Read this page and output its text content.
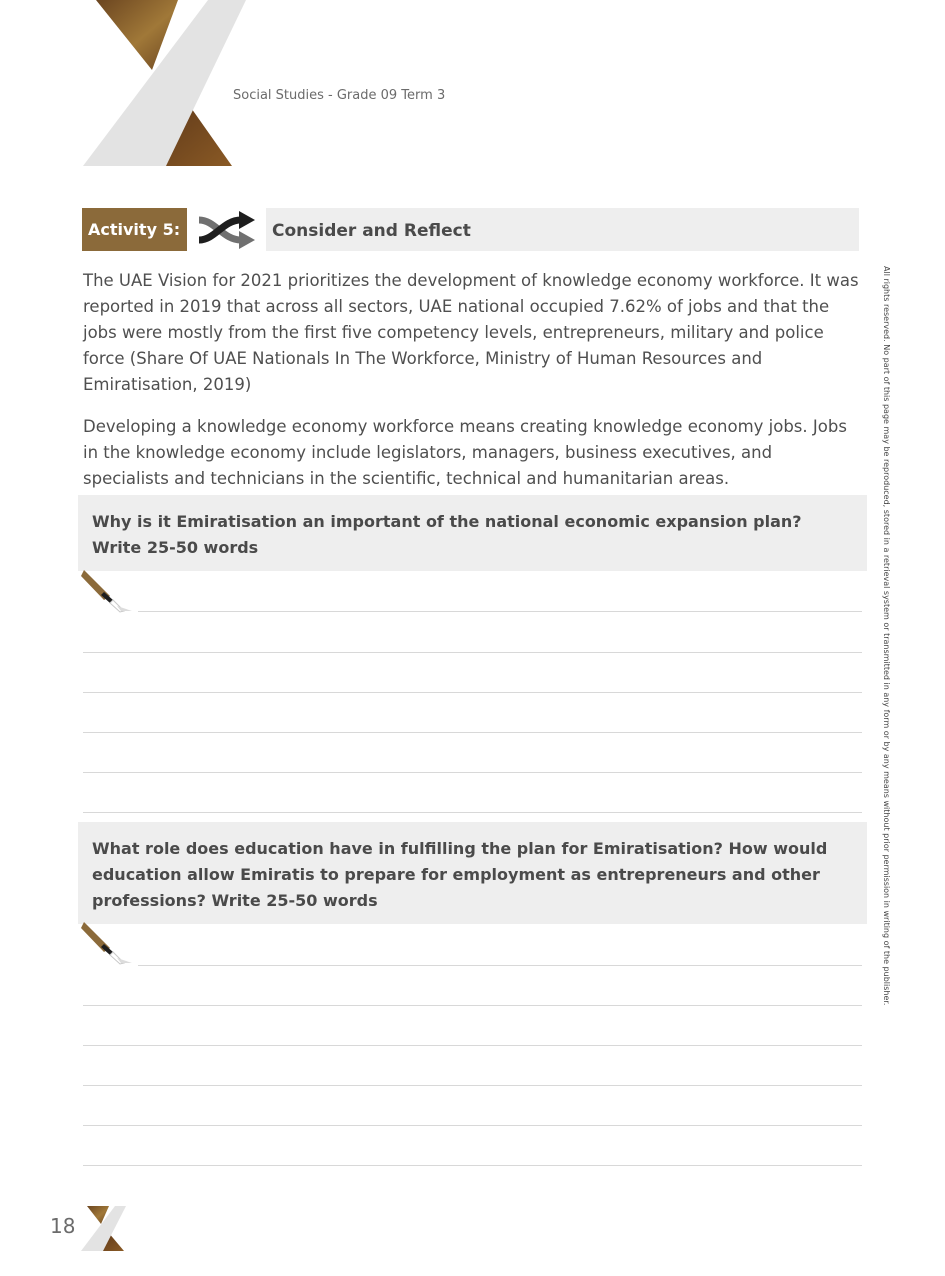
Social Studies - Grade 09 Term 3
Activity 5:	Consider and Reflect

The UAE Vision for 2021 prioritizes the development of knowledge economy workforce. It was reported in 2019 that across all sectors, UAE national occupied 7.62% of jobs and that the jobs were mostly from the first five competency levels, entrepreneurs, military and police force (Share Of UAE Nationals In The Workforce, Ministry of Human Resources and Emiratisation, 2019)

Developing a knowledge economy workforce means creating knowledge economy jobs. Jobs in the knowledge economy include legislators, managers, business executives, and specialists and technicians in the scientific, technical and humanitarian areas.

Why is it Emiratisation an important of the national economic expansion plan? Write 25-50 words
What role does education have in fulfilling the plan for Emiratisation? How would education allow Emiratis to prepare for employment as entrepreneurs and other professions? Write 25-50 words	All rights reserved. No part of this page may be reproduced, stored in a retrieval system or transmitted in any form or by any means without prior permission in writing of the publisher.
18
